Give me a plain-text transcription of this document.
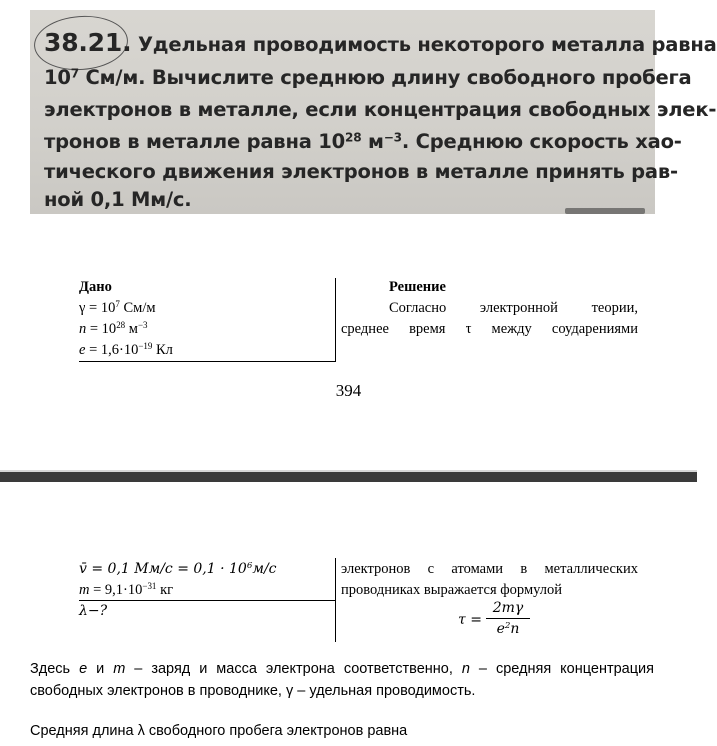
38.21. Удельная проводимость некоторого металла равна
$10^7$ См/м. Вычислите среднюю длину свободного пробега
электронов в металле, если концентрация свободных элек-
тронов в металле равна $10^{28}$ $м^{-3}$. Среднюю скорость хао-
тического движения электронов в металле принять рав-
ной 0,1 Мм/с.
Дано	Решение
$\gamma = 10^7$ См/м
$n = 10^{28}$ $м^{-3}$
$e = 1,6\cdot 10^{-19}$ Кл
Согласно электронной теории,
среднее время τ между соударениями
394
v̄ = 0,1 $Мм/с = 0,1 \cdot 10^6м/с$
$m = 9,1\cdot 10^{-31}$ кг
λ−?
электронов с атомами в металлических
проводниках выражается формулой
τ =
2mγ
$e^2n$
Здесь e и m – заряд и масса электрона соответственно, n – средняя концентрация
свободных электронов в проводнике, γ – удельная проводимость.
Средняя длина λ свободного пробега электронов равна
